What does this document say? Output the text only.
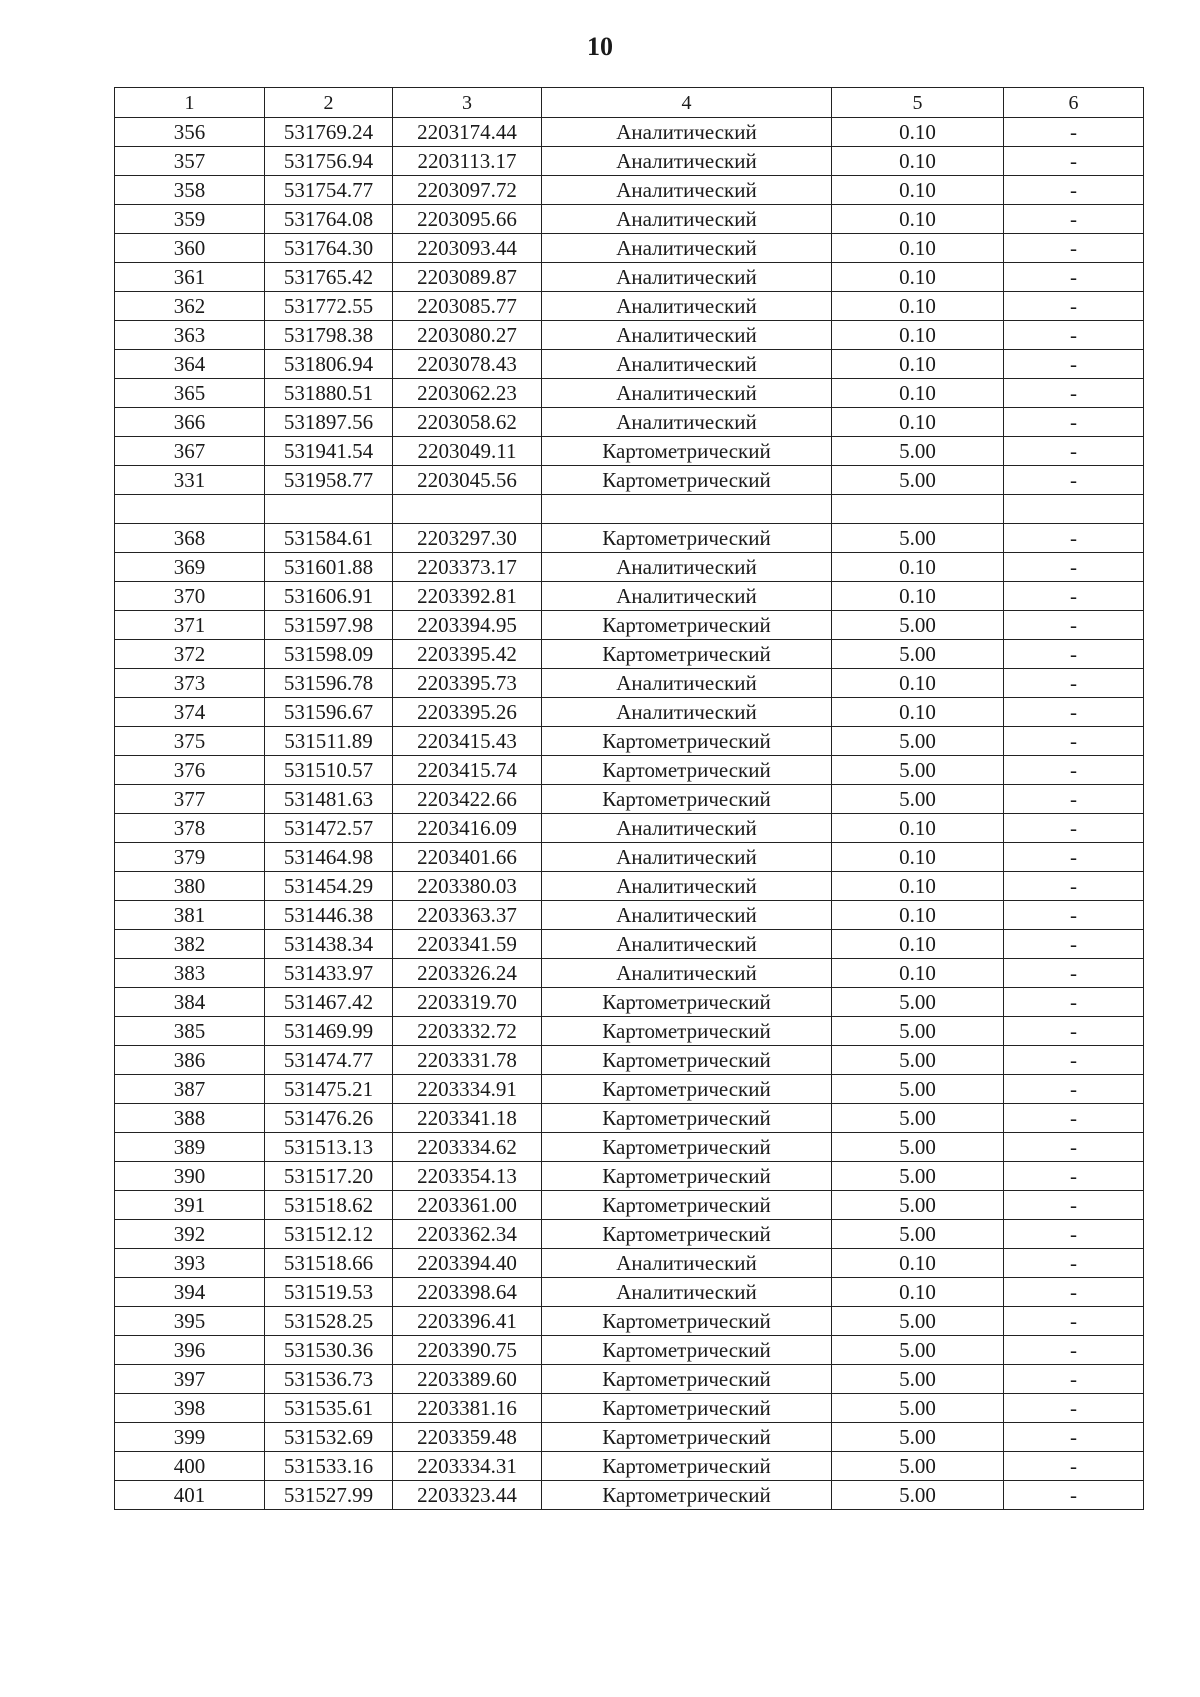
10
1	2	3	4	5	6
356	531769.24	2203174.44	Аналитический	0.10	-
357	531756.94	2203113.17	Аналитический	0.10	-
358	531754.77	2203097.72	Аналитический	0.10	-
359	531764.08	2203095.66	Аналитический	0.10	-
360	531764.30	2203093.44	Аналитический	0.10	-
361	531765.42	2203089.87	Аналитический	0.10	-
362	531772.55	2203085.77	Аналитический	0.10	-
363	531798.38	2203080.27	Аналитический	0.10	-
364	531806.94	2203078.43	Аналитический	0.10	-
365	531880.51	2203062.23	Аналитический	0.10	-
366	531897.56	2203058.62	Аналитический	0.10	-
367	531941.54	2203049.11	Картометрический	5.00	-
331	531958.77	2203045.56	Картометрический	5.00	-

368	531584.61	2203297.30	Картометрический	5.00	-
369	531601.88	2203373.17	Аналитический	0.10	-
370	531606.91	2203392.81	Аналитический	0.10	-
371	531597.98	2203394.95	Картометрический	5.00	-
372	531598.09	2203395.42	Картометрический	5.00	-
373	531596.78	2203395.73	Аналитический	0.10	-
374	531596.67	2203395.26	Аналитический	0.10	-
375	531511.89	2203415.43	Картометрический	5.00	-
376	531510.57	2203415.74	Картометрический	5.00	-
377	531481.63	2203422.66	Картометрический	5.00	-
378	531472.57	2203416.09	Аналитический	0.10	-
379	531464.98	2203401.66	Аналитический	0.10	-
380	531454.29	2203380.03	Аналитический	0.10	-
381	531446.38	2203363.37	Аналитический	0.10	-
382	531438.34	2203341.59	Аналитический	0.10	-
383	531433.97	2203326.24	Аналитический	0.10	-
384	531467.42	2203319.70	Картометрический	5.00	-
385	531469.99	2203332.72	Картометрический	5.00	-
386	531474.77	2203331.78	Картометрический	5.00	-
387	531475.21	2203334.91	Картометрический	5.00	-
388	531476.26	2203341.18	Картометрический	5.00	-
389	531513.13	2203334.62	Картометрический	5.00	-
390	531517.20	2203354.13	Картометрический	5.00	-
391	531518.62	2203361.00	Картометрический	5.00	-
392	531512.12	2203362.34	Картометрический	5.00	-
393	531518.66	2203394.40	Аналитический	0.10	-
394	531519.53	2203398.64	Аналитический	0.10	-
395	531528.25	2203396.41	Картометрический	5.00	-
396	531530.36	2203390.75	Картометрический	5.00	-
397	531536.73	2203389.60	Картометрический	5.00	-
398	531535.61	2203381.16	Картометрический	5.00	-
399	531532.69	2203359.48	Картометрический	5.00	-
400	531533.16	2203334.31	Картометрический	5.00	-
401	531527.99	2203323.44	Картометрический	5.00	-
